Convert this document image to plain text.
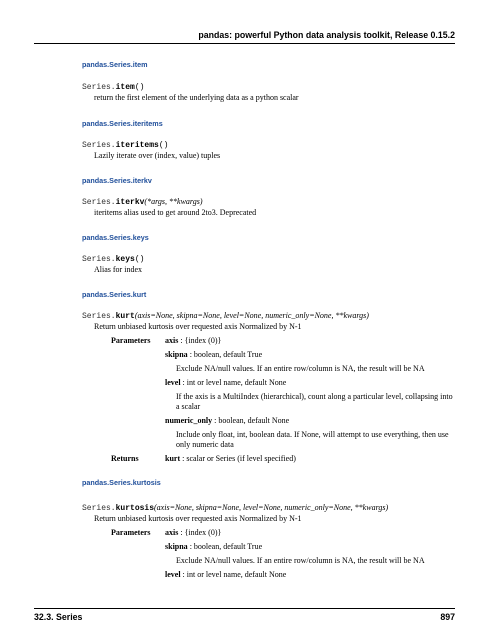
pandas: powerful Python data analysis toolkit, Release 0.15.2
pandas.Series.item
Series.item()
return the first element of the underlying data as a python scalar
pandas.Series.iteritems
Series.iteritems()
Lazily iterate over (index, value) tuples
pandas.Series.iterkv
Series.iterkv(*args, **kwargs)
iteritems alias used to get around 2to3. Deprecated
pandas.Series.keys
Series.keys()
Alias for index
pandas.Series.kurt
Series.kurt(axis=None, skipna=None, level=None, numeric_only=None, **kwargs)
Return unbiased kurtosis over requested axis Normalized by N-1
Parameters axis : {index (0)}
skipna : boolean, default True
Exclude NA/null values. If an entire row/column is NA, the result will be NA
level : int or level name, default None
If the axis is a MultiIndex (hierarchical), count along a particular level, collapsing into
a scalar
numeric_only : boolean, default None
Include only float, int, boolean data. If None, will attempt to use everything, then use
only numeric data
Returns	kurt : scalar or Series (if level specified)
pandas.Series.kurtosis
Series.kurtosis(axis=None, skipna=None, level=None, numeric_only=None, **kwargs)
Return unbiased kurtosis over requested axis Normalized by N-1
Parameters axis : {index (0)}
skipna : boolean, default True
Exclude NA/null values. If an entire row/column is NA, the result will be NA
level : int or level name, default None
32.3. Series	897
